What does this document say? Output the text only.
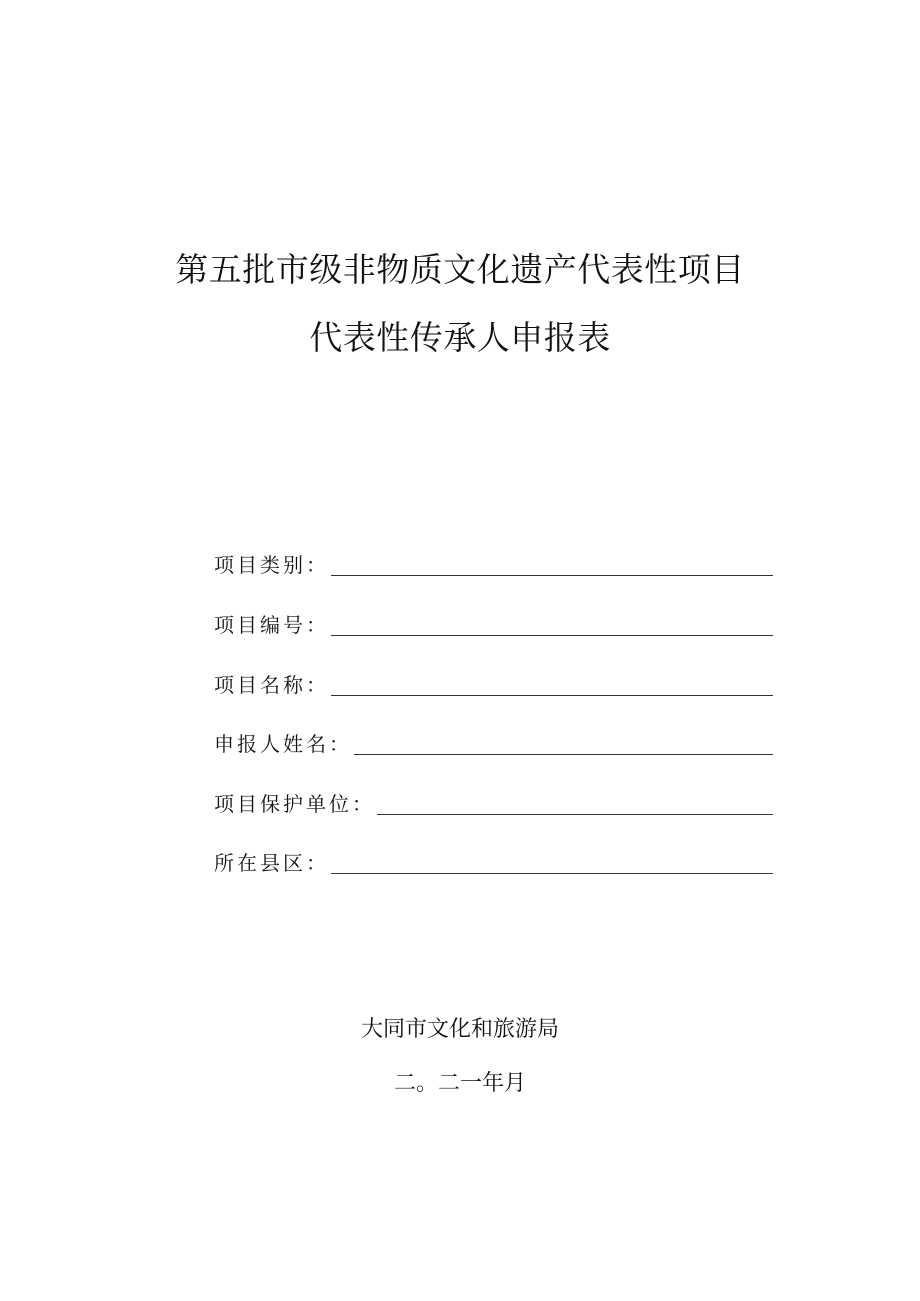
第五批市级非物质文化遗产代表性项目
代表性传承人申报表
项目类别：
项目编号：
项目名称：
申报人姓名：
项目保护单位：
所在县区：
大同市文化和旅游局
二。二一年月
